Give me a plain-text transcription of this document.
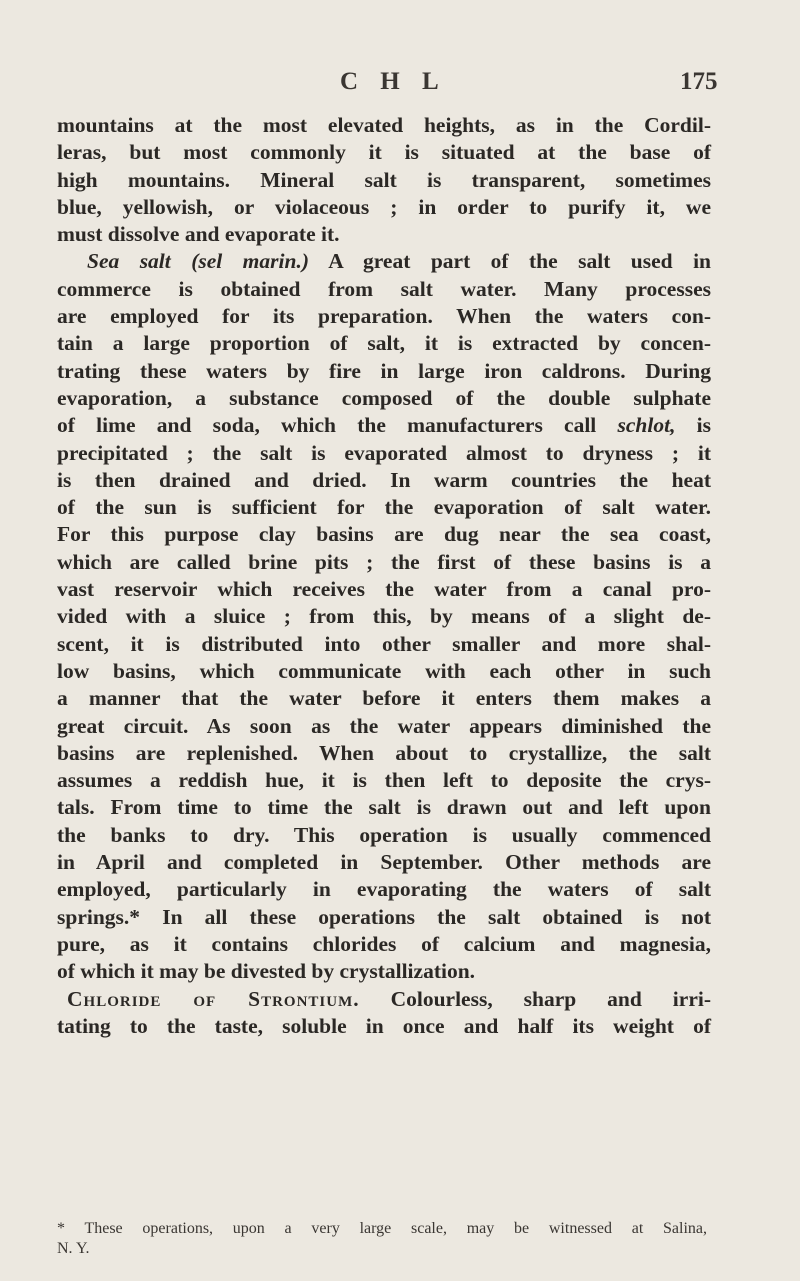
C H L	175
mountains at the most elevated heights, as in the Cordil-
leras, but most commonly it is situated at the base of
high mountains. Mineral salt is transparent, sometimes
blue, yellowish, or violaceous ; in order to purify it, we
must dissolve and evaporate it.
Sea salt (sel marin.) A great part of the salt used in
commerce is obtained from salt water. Many processes
are employed for its preparation. When the waters con-
tain a large proportion of salt, it is extracted by concen-
trating these waters by fire in large iron caldrons. During
evaporation, a substance composed of the double sulphate
of lime and soda, which the manufacturers call schlot, is
precipitated ; the salt is evaporated almost to dryness ; it
is then drained and dried. In warm countries the heat
of the sun is sufficient for the evaporation of salt water.
For this purpose clay basins are dug near the sea coast,
which are called brine pits ; the first of these basins is a
vast reservoir which receives the water from a canal pro-
vided with a sluice ; from this, by means of a slight de-
scent, it is distributed into other smaller and more shal-
low basins, which communicate with each other in such
a manner that the water before it enters them makes a
great circuit. As soon as the water appears diminished the
basins are replenished. When about to crystallize, the salt
assumes a reddish hue, it is then left to deposite the crys-
tals. From time to time the salt is drawn out and left upon
the banks to dry. This operation is usually commenced
in April and completed in September. Other methods are
employed, particularly in evaporating the waters of salt
springs.* In all these operations the salt obtained is not
pure, as it contains chlorides of calcium and magnesia,
of which it may be divested by crystallization.
Chloride of Strontium. Colourless, sharp and irri-
tating to the taste, soluble in once and half its weight of
* These operations, upon a very large scale, may be witnessed at Salina,
N. Y.
